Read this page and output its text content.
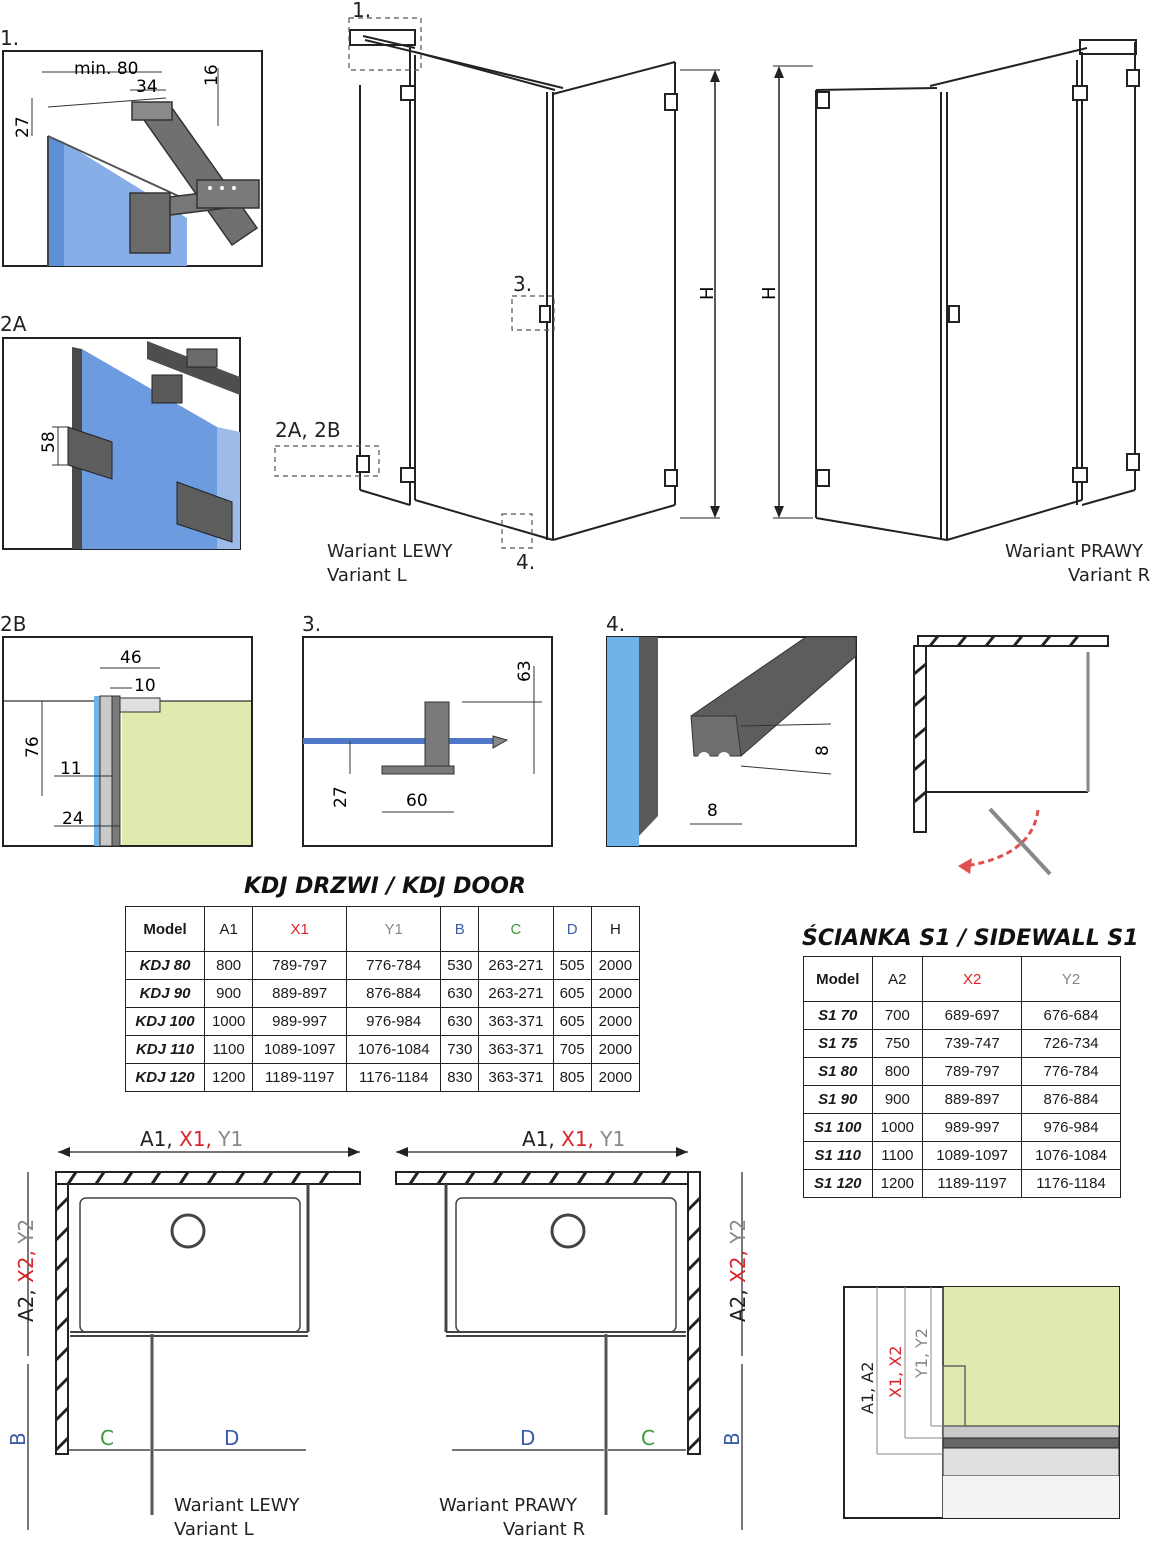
1.
min. 80
34
16
27
2A
58
2B
46
10
76
11
24
3.
63
27	60
4.
8
8
H H
1.
2A, 2B
3.
4.
Wariant LEWY
Variant L
Wariant PRAWY
Variant R
KDJ DRZWI / KDJ DOOR
Model	A1	X1	Y1	B	C	D	H
KDJ 80	800	789-797	776-784	530	263-271	505	2000
KDJ 90	900	889-897	876-884	630	263-271	605	2000
KDJ 100	1000	989-997	976-984	630	363-371	605	2000
KDJ 110	1100	1089-1097	1076-1084	730	363-371	705	2000
KDJ 120	1200	1189-1197	1176-1184	830	363-371	805	2000
ŚCIANKA S1 / SIDEWALL S1
Model	A2	X2	Y2
S1 70	700	689-697	676-684
S1 75	750	739-747	726-734
S1 80	800	789-797	776-784
S1 90	900	889-897	876-884
S1 100	1000	989-997	976-984
S1 110	1100	1089-1097	1076-1084
S1 120	1200	1189-1197	1176-1184
A1, X1, Y1	A1, X1, Y1
A2, X2, Y2
A2, X2, Y2
B	B
C	D	D	C
Wariant LEWY
Variant L
Wariant PRAWY
Variant R
A1, A2 X1, X2 Y1, Y2
